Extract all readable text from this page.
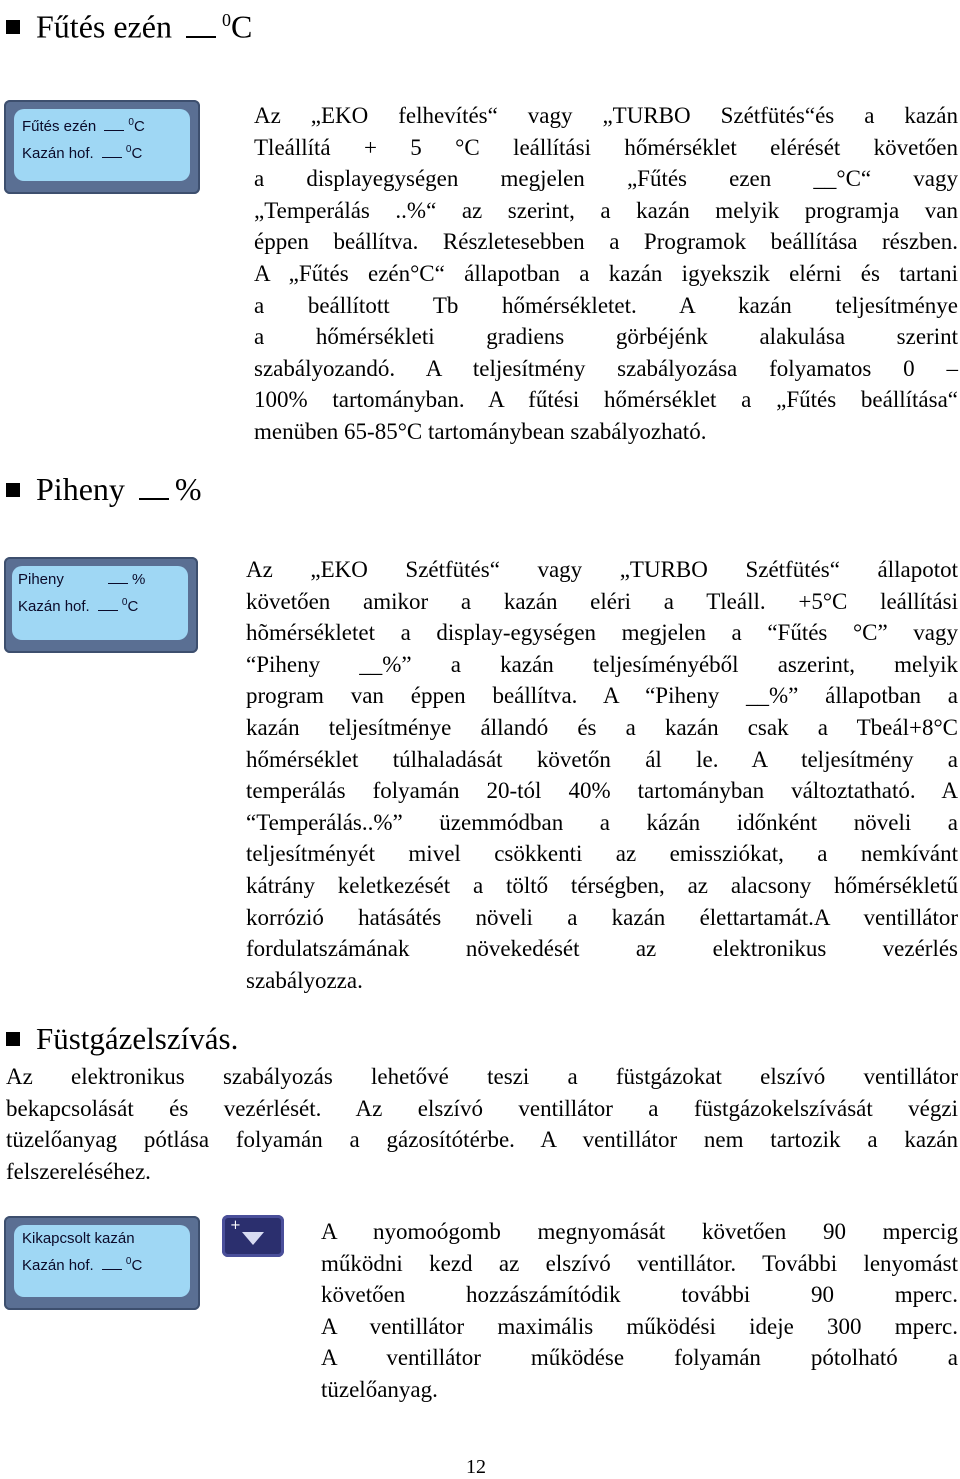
Fűtés ezén	$^0$C
Fűtés ezén	$^0$C
Kazán hof.	$^0$C
Az „EKO felhevítés“ vagy „TURBO Szétfütés“és a kazán
Tleállítá + 5 °C leállítási hőmérséklet elérését követően
a displayegységen megjelen „Fűtés ezen __°C“ vagy
„Temperálás ..%“ az szerint, a kazán melyik programja van
éppen beállítva. Részletesebben a Programok beállítása részben.
A „Fűtés ezén°C“ állapotban a kazán igyekszik elérni és tartani
a beállított Tb hőmérsékletet. A kazán teljesítménye
a hőmérsékleti gradiens görbéjénk alakulása szerint
szabályozandó. A teljesítmény szabályozása folyamatos 0 –
100% tartományban. A fűtési hőmérséklet a „Fűtés beállítása“
menüben 65-85°C tartománybean szabályozható.
Piheny %
Piheny	%
Kazán hof.	$^0$C
Az „EKO Szétfütés“ vagy „TURBO Szétfütés“ állapotot
követően amikor a kazán eléri a Tleáll. +5°C leállítási
hõmérsékletet a display-egységen megjelen a “Fűtés °C” vagy
“Piheny __%” a kazán teljesíményéből aszerint, melyik
program van éppen beállítva. A “Piheny __%” állapotban a
kazán teljesítménye állandó és a kazán csak a Tbeál+8°C
hőmérséklet túlhaladását követőn ál le. A teljesítmény a
temperálás folyamán 20-tól 40% tartományban változtatható. A
“Temperálás..%” üzemmódban a kázán időnként növeli a
teljesítményét mivel csökkenti az emissziókat, a nemkívánt
kátrány keletkezését a töltő térségben, az alacsony hőmérsékletű
korrózió hatásátés növeli a kazán élettartamát.A ventillátor
fordulatszámának növekedését az elektronikus vezérlés
szabályozza.
Füstgázelszívás.
Az elektronikus szabályozás lehetővé teszi a füstgázokat elszívó ventillátor
bekapcsolását és vezérlését. Az elszívó ventillátor a füstgázokelszívását végzi
tüzelőanyag pótlása folyamán a gázosítótérbe. A ventillátor nem tartozik a kazán
felszereléséhez.
Kikapcsolt kazán
Kazán hof.	$^0$C
+	A nyomoógomb megnyomását követően 90 mpercig
működni kezd az elszívó ventillátor. További lenyomást
követően hozzászámítódik további 90 mperc.
A ventillátor maximális működési ideje 300 mperc.
A ventillátor működése folyamán pótolható a
tüzelőanyag.
12
